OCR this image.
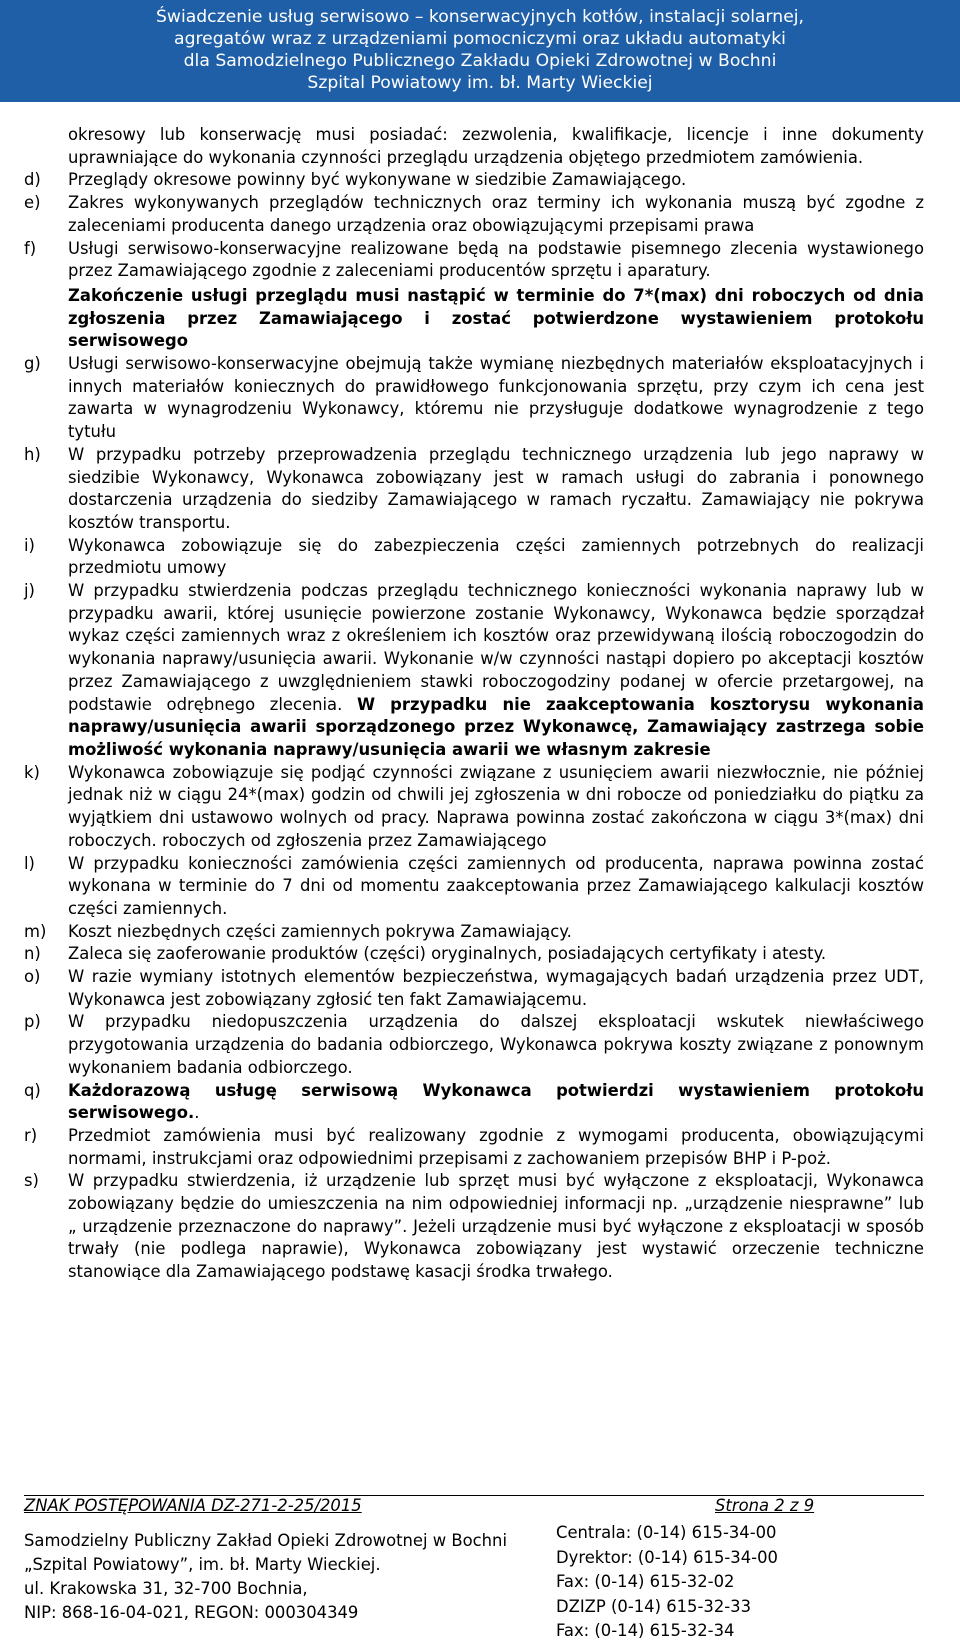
Świadczenie usług serwisowo – konserwacyjnych kotłów, instalacji solarnej,
agregatów wraz z urządzeniami pomocniczymi oraz układu automatyki
dla Samodzielnego Publicznego Zakładu Opieki Zdrowotnej w Bochni
Szpital Powiatowy im. bł. Marty Wieckiej
okresowy lub konserwację musi posiadać: zezwolenia, kwalifikacje, licencje i inne dokumenty uprawniające do wykonania czynności przeglądu urządzenia objętego przedmiotem zamówienia.
d) Przeglądy okresowe powinny być wykonywane w siedzibie Zamawiającego.
e) Zakres wykonywanych przeglądów technicznych oraz terminy ich wykonania muszą być zgodne z zaleceniami producenta danego urządzenia oraz obowiązującymi przepisami prawa
f) Usługi serwisowo-konserwacyjne realizowane będą na podstawie pisemnego zlecenia wystawionego przez Zamawiającego zgodnie z zaleceniami producentów sprzętu i aparatury.
Zakończenie usługi przeglądu musi nastąpić w terminie do 7*(max) dni roboczych od dnia zgłoszenia przez Zamawiającego i zostać potwierdzone wystawieniem protokołu serwisowego
g) Usługi serwisowo-konserwacyjne obejmują także wymianę niezbędnych materiałów eksploatacyjnych i innych materiałów koniecznych do prawidłowego funkcjonowania sprzętu, przy czym ich cena jest zawarta w wynagrodzeniu Wykonawcy, któremu nie przysługuje dodatkowe wynagrodzenie z tego tytułu
h) W przypadku potrzeby przeprowadzenia przeglądu technicznego urządzenia lub jego naprawy w siedzibie Wykonawcy, Wykonawca zobowiązany jest w ramach usługi do zabrania i ponownego dostarczenia urządzenia do siedziby Zamawiającego w ramach ryczałtu. Zamawiający nie pokrywa kosztów transportu.
i) Wykonawca zobowiązuje się do zabezpieczenia części zamiennych potrzebnych do realizacji przedmiotu umowy
j) W przypadku stwierdzenia podczas przeglądu technicznego konieczności wykonania naprawy lub w przypadku awarii, której usunięcie powierzone zostanie Wykonawcy, Wykonawca będzie sporządzał wykaz części zamiennych wraz z określeniem ich kosztów oraz przewidywaną ilością roboczogodzin do wykonania naprawy/usunięcia awarii. Wykonanie w/w czynności nastąpi dopiero po akceptacji kosztów przez Zamawiającego z uwzględnieniem stawki roboczogodziny podanej w ofercie przetargowej, na podstawie odrębnego zlecenia. W przypadku nie zaakceptowania kosztorysu wykonania naprawy/usunięcia awarii sporządzonego przez Wykonawcę, Zamawiający zastrzega sobie możliwość wykonania naprawy/usunięcia awarii we własnym zakresie
k) Wykonawca zobowiązuje się podjąć czynności związane z usunięciem awarii niezwłocznie, nie później jednak niż w ciągu 24*(max) godzin od chwili jej zgłoszenia w dni robocze od poniedziałku do piątku za wyjątkiem dni ustawowo wolnych od pracy. Naprawa powinna zostać zakończona w ciągu 3*(max) dni roboczych. roboczych od zgłoszenia przez Zamawiającego
l) W przypadku konieczności zamówienia części zamiennych od producenta, naprawa powinna zostać wykonana w terminie do 7 dni od momentu zaakceptowania przez Zamawiającego kalkulacji kosztów części zamiennych.
m) Koszt niezbędnych części zamiennych pokrywa Zamawiający.
n) Zaleca się zaoferowanie produktów (części) oryginalnych, posiadających certyfikaty i atesty.
o) W razie wymiany istotnych elementów bezpieczeństwa, wymagających badań urządzenia przez UDT, Wykonawca jest zobowiązany zgłosić ten fakt Zamawiającemu.
p) W przypadku niedopuszczenia urządzenia do dalszej eksploatacji wskutek niewłaściwego przygotowania urządzenia do badania odbiorczego, Wykonawca pokrywa koszty związane z ponownym wykonaniem badania odbiorczego.
q) Każdorazową usługę serwisową Wykonawca potwierdzi wystawieniem protokołu serwisowego..
r) Przedmiot zamówienia musi być realizowany zgodnie z wymogami producenta, obowiązującymi normami, instrukcjami oraz odpowiednimi przepisami z zachowaniem przepisów BHP i P-poż.
s) W przypadku stwierdzenia, iż urządzenie lub sprzęt musi być wyłączone z eksploatacji, Wykonawca zobowiązany będzie do umieszczenia na nim odpowiedniej informacji np. „urządzenie niesprawne” lub „ urządzenie przeznaczone do naprawy”. Jeżeli urządzenie musi być wyłączone z eksploatacji w sposób trwały (nie podlega naprawie), Wykonawca zobowiązany jest wystawić orzeczenie techniczne stanowiące dla Zamawiającego podstawę kasacji środka trwałego.
ZNAK POSTĘPOWANIA DZ-271-2-25/2015	Strona 2 z 9
Samodzielny Publiczny Zakład Opieki Zdrowotnej w Bochni
„Szpital Powiatowy”, im. bł. Marty Wieckiej.
ul. Krakowska 31, 32-700 Bochnia,
NIP: 868-16-04-021, REGON: 000304349
Centrala: (0-14) 615-34-00
Dyrektor: (0-14) 615-34-00
Fax: (0-14) 615-32-02
DZIZP (0-14) 615-32-33
Fax: (0-14) 615-32-34
